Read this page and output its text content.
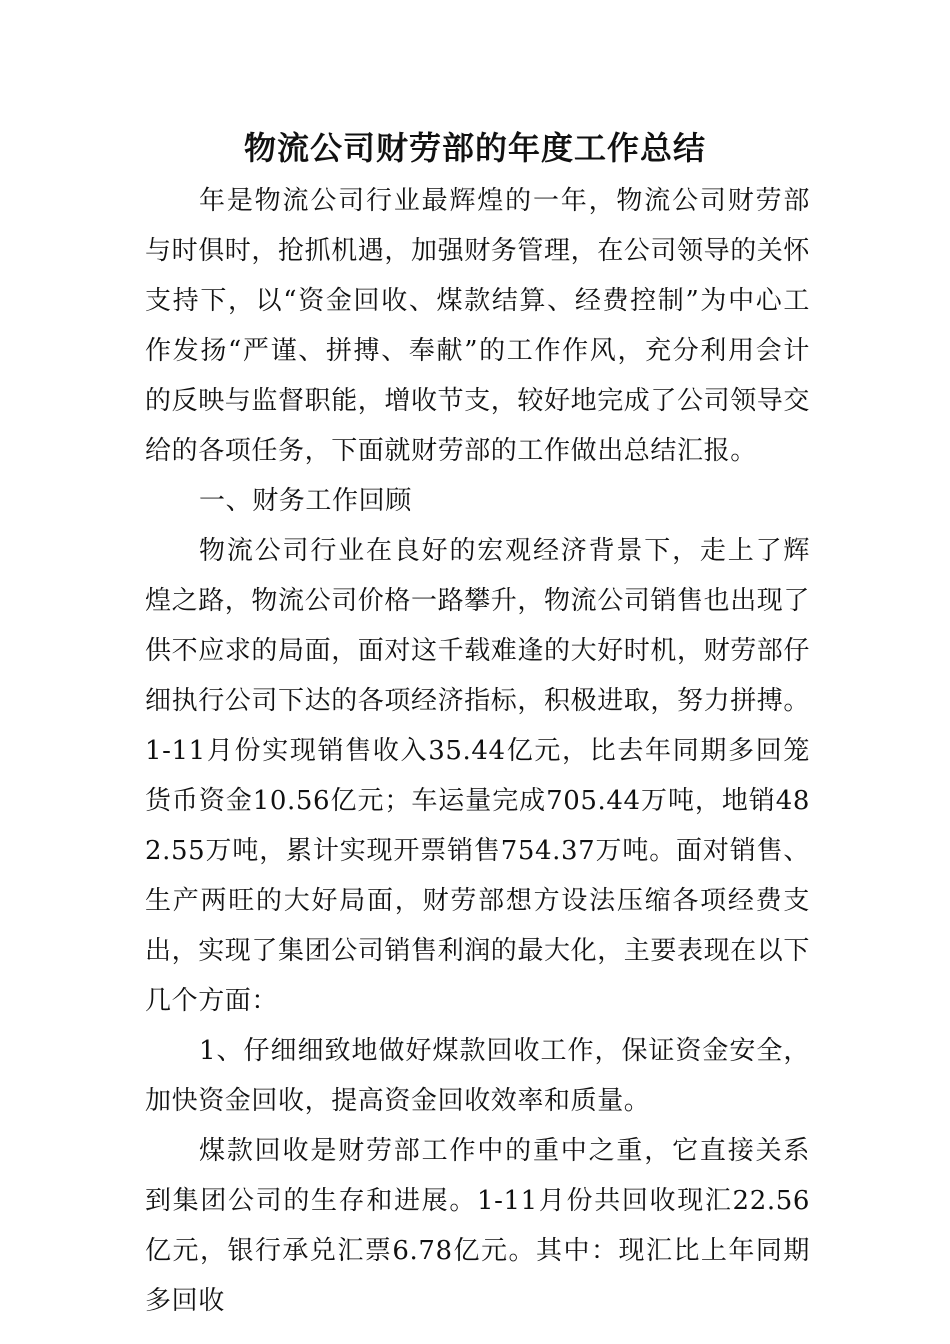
物流公司财劳部的年度工作总结

年是物流公司行业最辉煌的一年，物流公司财劳部与时俱时，抢抓机遇，加强财务管理，在公司领导的关怀支持下，以“资金回收、煤款结算、经费控制”为中心工作发扬“严谨、拼搏、奉献”的工作作风，充分利用会计的反映与监督职能，增收节支，较好地完成了公司领导交给的各项任务，下面就财劳部的工作做出总结汇报。

一、财务工作回顾

物流公司行业在良好的宏观经济背景下，走上了辉煌之路，物流公司价格一路攀升，物流公司销售也出现了供不应求的局面，面对这千载难逢的大好时机，财劳部仔细执行公司下达的各项经济指标，积极进取，努力拼搏。1-11月份实现销售收入35.44亿元，比去年同期多回笼货币资金10.56亿元；车运量完成705.44万吨，地销482.55万吨，累计实现开票销售754.37万吨。面对销售、生产两旺的大好局面，财劳部想方设法压缩各项经费支出，实现了集团公司销售利润的最大化，主要表现在以下几个方面：

1、仔细细致地做好煤款回收工作，保证资金安全，加快资金回收，提高资金回收效率和质量。

煤款回收是财劳部工作中的重中之重，它直接关系到集团公司的生存和进展。1-11月份共回收现汇22.56亿元，银行承兑汇票6.78亿元。其中：现汇比上年同期多回收
